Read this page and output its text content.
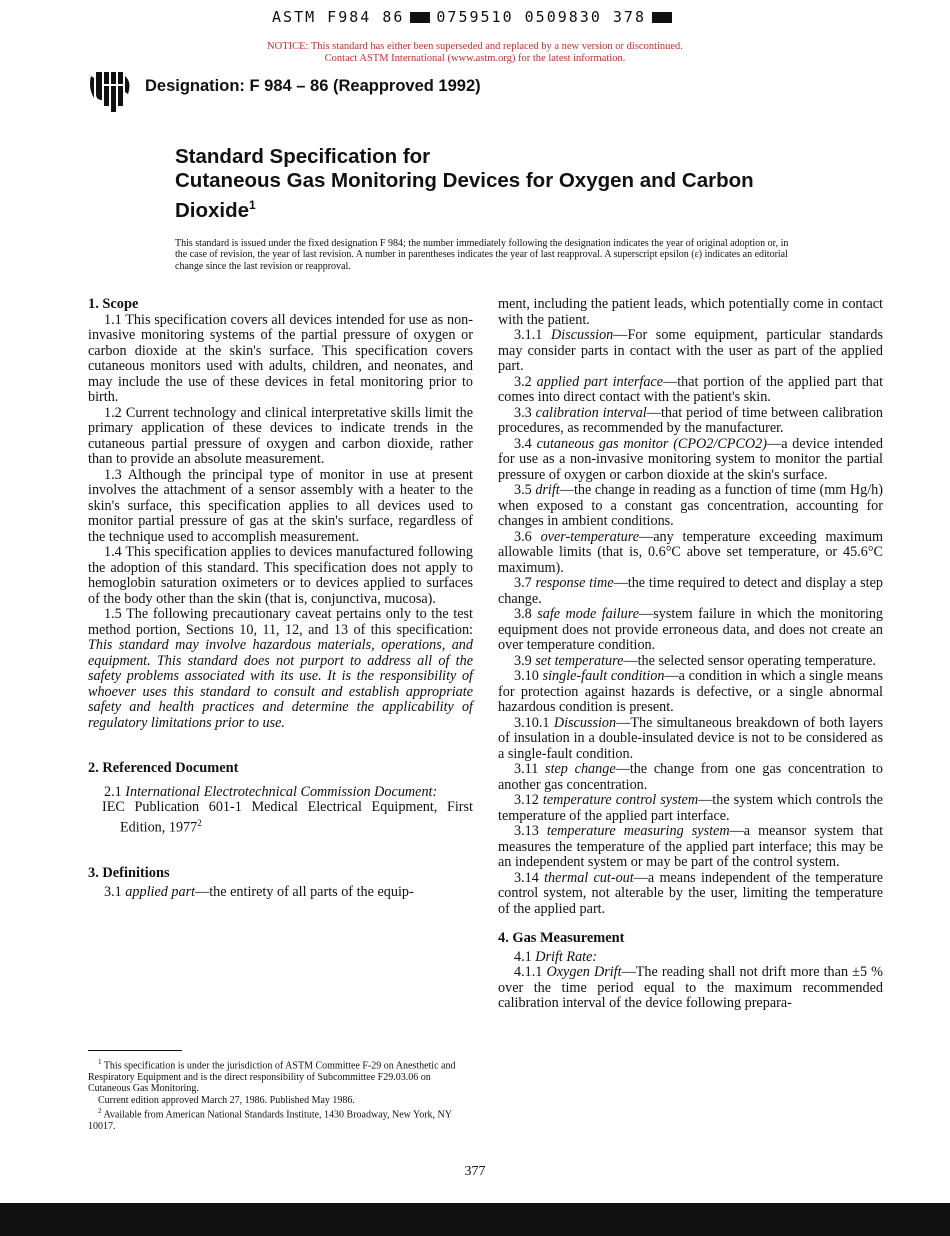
ASTM F984 86 0759510 0509830 378
NOTICE: This standard has either been superseded and replaced by a new version or discontinued.
Contact ASTM International (www.astm.org) for the latest information.
Designation: F 984 – 86 (Reapproved 1992)
Standard Specification for
Cutaneous Gas Monitoring Devices for Oxygen and Carbon
Dioxide$^1$
This standard is issued under the fixed designation F 984; the number immediately following the designation indicates the year of original adoption or, in the case of revision, the year of last revision. A number in parentheses indicates the year of last reapproval. A superscript epsilon (ε) indicates an editorial change since the last revision or reapproval.
1. Scope

1.1 This specification covers all devices intended for use as non-invasive monitoring systems of the partial pressure of oxygen or carbon dioxide at the skin's surface. This specification covers cutaneous monitors used with adults, children, and neonates, and may include the use of these devices in fetal monitoring prior to birth.

1.2 Current technology and clinical interpretative skills limit the primary application of these devices to indicate trends in the cutaneous partial pressure of oxygen and carbon dioxide, rather than to provide an absolute measurement.

1.3 Although the principal type of monitor in use at present involves the attachment of a sensor assembly with a heater to the skin's surface, this specification applies to all devices used to monitor partial pressure of gas at the skin's surface, regardless of the technique used to accomplish measurement.

1.4 This specification applies to devices manufactured following the adoption of this standard. This specification does not apply to hemoglobin saturation oximeters or to devices applied to surfaces of the body other than the skin (that is, conjunctiva, mucosa).

1.5 The following precautionary caveat pertains only to the test method portion, Sections 10, 11, 12, and 13 of this specification: This standard may involve hazardous materials, operations, and equipment. This standard does not purport to address all of the safety problems associated with its use. It is the responsibility of whoever uses this standard to consult and establish appropriate safety and health practices and determine the applicability of regulatory limitations prior to use.

2. Referenced Document

2.1 International Electrotechnical Commission Document:

IEC Publication 601-1 Medical Electrical Equipment, First Edition, 1977$^2$

3. Definitions

3.1 applied part—the entirety of all parts of the equip-

$^1$ This specification is under the jurisdiction of ASTM Committee F-29 on Anesthetic and Respiratory Equipment and is the direct responsibility of Subcommittee F29.03.06 on Cutaneous Gas Monitoring.

Current edition approved March 27, 1986. Published May 1986.

$^2$ Available from American National Standards Institute, 1430 Broadway, New York, NY 10017.

ment, including the patient leads, which potentially come in contact with the patient.

3.1.1 Discussion—For some equipment, particular standards may consider parts in contact with the user as part of the applied part.

3.2 applied part interface—that portion of the applied part that comes into direct contact with the patient's skin.

3.3 calibration interval—that period of time between calibration procedures, as recommended by the manufacturer.

3.4 cutaneous gas monitor (CPO2/CPCO2)—a device intended for use as a non-invasive monitoring system to monitor the partial pressure of oxygen or carbon dioxide at the skin's surface.

3.5 drift—the change in reading as a function of time (mm Hg/h) when exposed to a constant gas concentration, accounting for changes in ambient conditions.

3.6 over-temperature—any temperature exceeding maximum allowable limits (that is, 0.6°C above set temperature, or 45.6°C maximum).

3.7 response time—the time required to detect and display a step change.

3.8 safe mode failure—system failure in which the monitoring equipment does not provide erroneous data, and does not create an over temperature condition.

3.9 set temperature—the selected sensor operating temperature.

3.10 single-fault condition—a condition in which a single means for protection against hazards is defective, or a single abnormal hazardous condition is present.

3.10.1 Discussion—The simultaneous breakdown of both layers of insulation in a double-insulated device is not to be considered as a single-fault condition.

3.11 step change—the change from one gas concentration to another gas concentration.

3.12 temperature control system—the system which controls the temperature of the applied part interface.

3.13 temperature measuring system—a meansor system that measures the temperature of the applied part interface; this may be an independent system or may be part of the control system.

3.14 thermal cut-out—a means independent of the temperature control system, not alterable by the user, limiting the temperature of the applied part.

4. Gas Measurement

4.1 Drift Rate:

4.1.1 Oxygen Drift—The reading shall not drift more than ±5 % over the time period equal to the maximum recommended calibration interval of the device following prepara-

377
